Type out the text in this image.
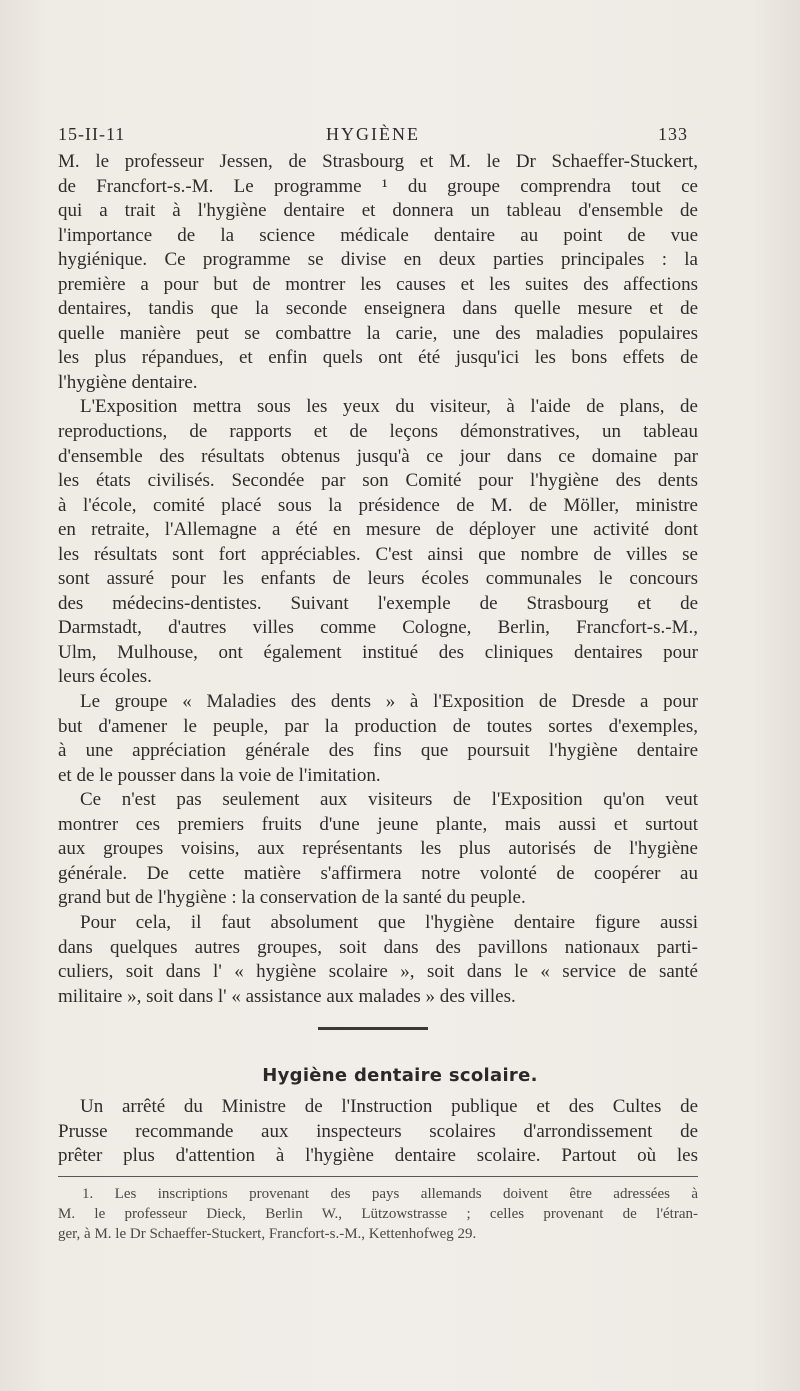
15-II-11	HYGIÈNE	133
M. le professeur Jessen, de Strasbourg et M. le Dr Schaeffer-Stuckert,
de Francfort-s.-M. Le programme ¹ du groupe comprendra tout ce
qui a trait à l'hygiène dentaire et donnera un tableau d'ensemble de
l'importance de la science médicale dentaire au point de vue
hygiénique. Ce programme se divise en deux parties principales : la
première a pour but de montrer les causes et les suites des affections
dentaires, tandis que la seconde enseignera dans quelle mesure et de
quelle manière peut se combattre la carie, une des maladies populaires
les plus répandues, et enfin quels ont été jusqu'ici les bons effets de
l'hygiène dentaire.
L'Exposition mettra sous les yeux du visiteur, à l'aide de plans, de
reproductions, de rapports et de leçons démonstratives, un tableau
d'ensemble des résultats obtenus jusqu'à ce jour dans ce domaine par
les états civilisés. Secondée par son Comité pour l'hygiène des dents
à l'école, comité placé sous la présidence de M. de Möller, ministre
en retraite, l'Allemagne a été en mesure de déployer une activité dont
les résultats sont fort appréciables. C'est ainsi que nombre de villes se
sont assuré pour les enfants de leurs écoles communales le concours
des médecins-dentistes. Suivant l'exemple de Strasbourg et de
Darmstadt, d'autres villes comme Cologne, Berlin, Francfort-s.-M.,
Ulm, Mulhouse, ont également institué des cliniques dentaires pour
leurs écoles.
Le groupe « Maladies des dents » à l'Exposition de Dresde a pour
but d'amener le peuple, par la production de toutes sortes d'exemples,
à une appréciation générale des fins que poursuit l'hygiène dentaire
et de le pousser dans la voie de l'imitation.
Ce n'est pas seulement aux visiteurs de l'Exposition qu'on veut
montrer ces premiers fruits d'une jeune plante, mais aussi et surtout
aux groupes voisins, aux représentants les plus autorisés de l'hygiène
générale. De cette matière s'affirmera notre volonté de coopérer au
grand but de l'hygiène : la conservation de la santé du peuple.
Pour cela, il faut absolument que l'hygiène dentaire figure aussi
dans quelques autres groupes, soit dans des pavillons nationaux parti-
culiers, soit dans l' « hygiène scolaire », soit dans le « service de santé
militaire », soit dans l' « assistance aux malades » des villes.
Hygiène dentaire scolaire.
Un arrêté du Ministre de l'Instruction publique et des Cultes de
Prusse recommande aux inspecteurs scolaires d'arrondissement de
prêter plus d'attention à l'hygiène dentaire scolaire. Partout où les
1. Les inscriptions provenant des pays allemands doivent être adressées à
M. le professeur Dieck, Berlin W., Lützowstrasse ; celles provenant de l'étran-
ger, à M. le Dr Schaeffer-Stuckert, Francfort-s.-M., Kettenhofweg 29.
